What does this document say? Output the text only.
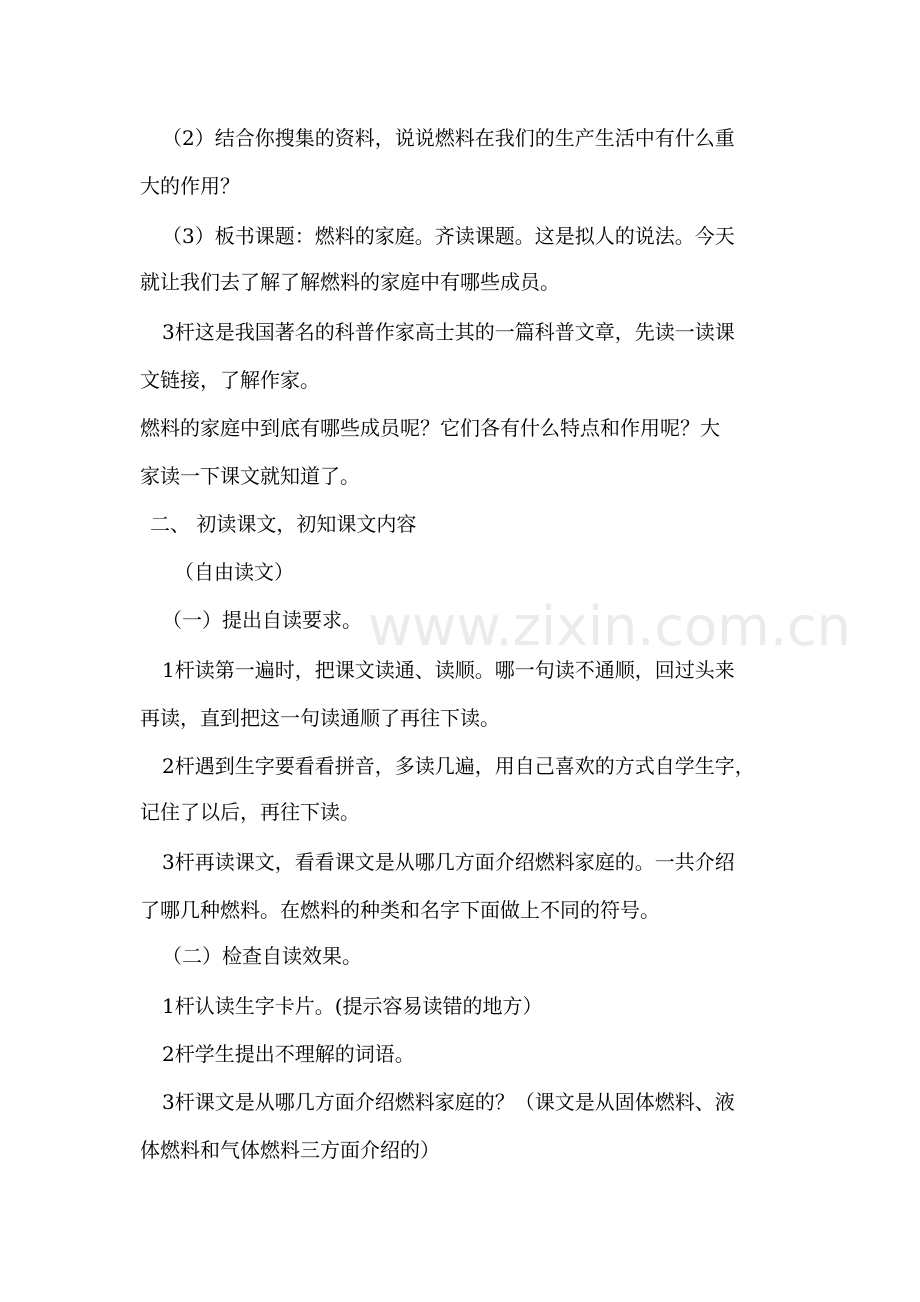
（2）结合你搜集的资料，说说燃料在我们的生产生活中有什么重
大的作用？
（3）板书课题：燃料的家庭。齐读课题。这是拟人的说法。今天
就让我们去了解了解燃料的家庭中有哪些成员。
3杆这是我国著名的科普作家高士其的一篇科普文章，先读一读课
文链接，了解作家。
燃料的家庭中到底有哪些成员呢？它们各有什么特点和作用呢？大
家读一下课文就知道了。
二、 初读课文，初知课文内容
（自由读文）
（一）提出自读要求。
1杆读第一遍时，把课文读通、读顺。哪一句读不通顺，回过头来
再读，直到把这一句读通顺了再往下读。
2杆遇到生字要看看拼音，多读几遍，用自己喜欢的方式自学生字，
记住了以后，再往下读。
3杆再读课文，看看课文是从哪几方面介绍燃料家庭的。一共介绍
了哪几种燃料。在燃料的种类和名字下面做上不同的符号。
（二）检查自读效果。
1杆认读生字卡片。(提示容易读错的地方）
2杆学生提出不理解的词语。
3杆课文是从哪几方面介绍燃料家庭的？（课文是从固体燃料、液
体燃料和气体燃料三方面介绍的）
www.zixin.com.cn
